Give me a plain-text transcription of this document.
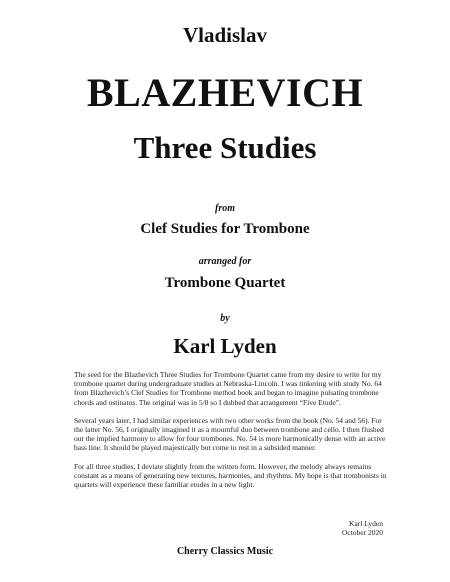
Vladislav

BLAZHEVICH

Three Studies

from

Clef Studies for Trombone

arranged for

Trombone Quartet

by

Karl Lyden

The seed for the Blazhevich Three Studies for Trombone Quartet came from my desire to write for my trombone quartet during undergraduate studies at Nebraska-Lincoln. I was tinkering with study No. 64 from Blazhevich’s Clef Studies for Trombone method book and began to imagine pulsating trombone chords and ostinatos. The original was in 5/8 so I dubbed that arrangement “Five Etude”.

Several years later, I had similar experiences with two other works from the book (No. 54 and 56). For the latter No. 56, I originally imagined it as a mournful duo between trombone and cello. I then flushed out the implied harmony to allow for four trombones. No. 54 is more harmonically dense with an active bass line. It should be played majestically but come to rest in a subsided manner.

For all three studies, I deviate slightly from the written form. However, the melody always remains constant as a means of generating new textures, harmonies, and rhythms. My hope is that trombonists in quartets will experience these familiar etudes in a new light.

Karl Lyden
October 2020

Cherry Classics Music
